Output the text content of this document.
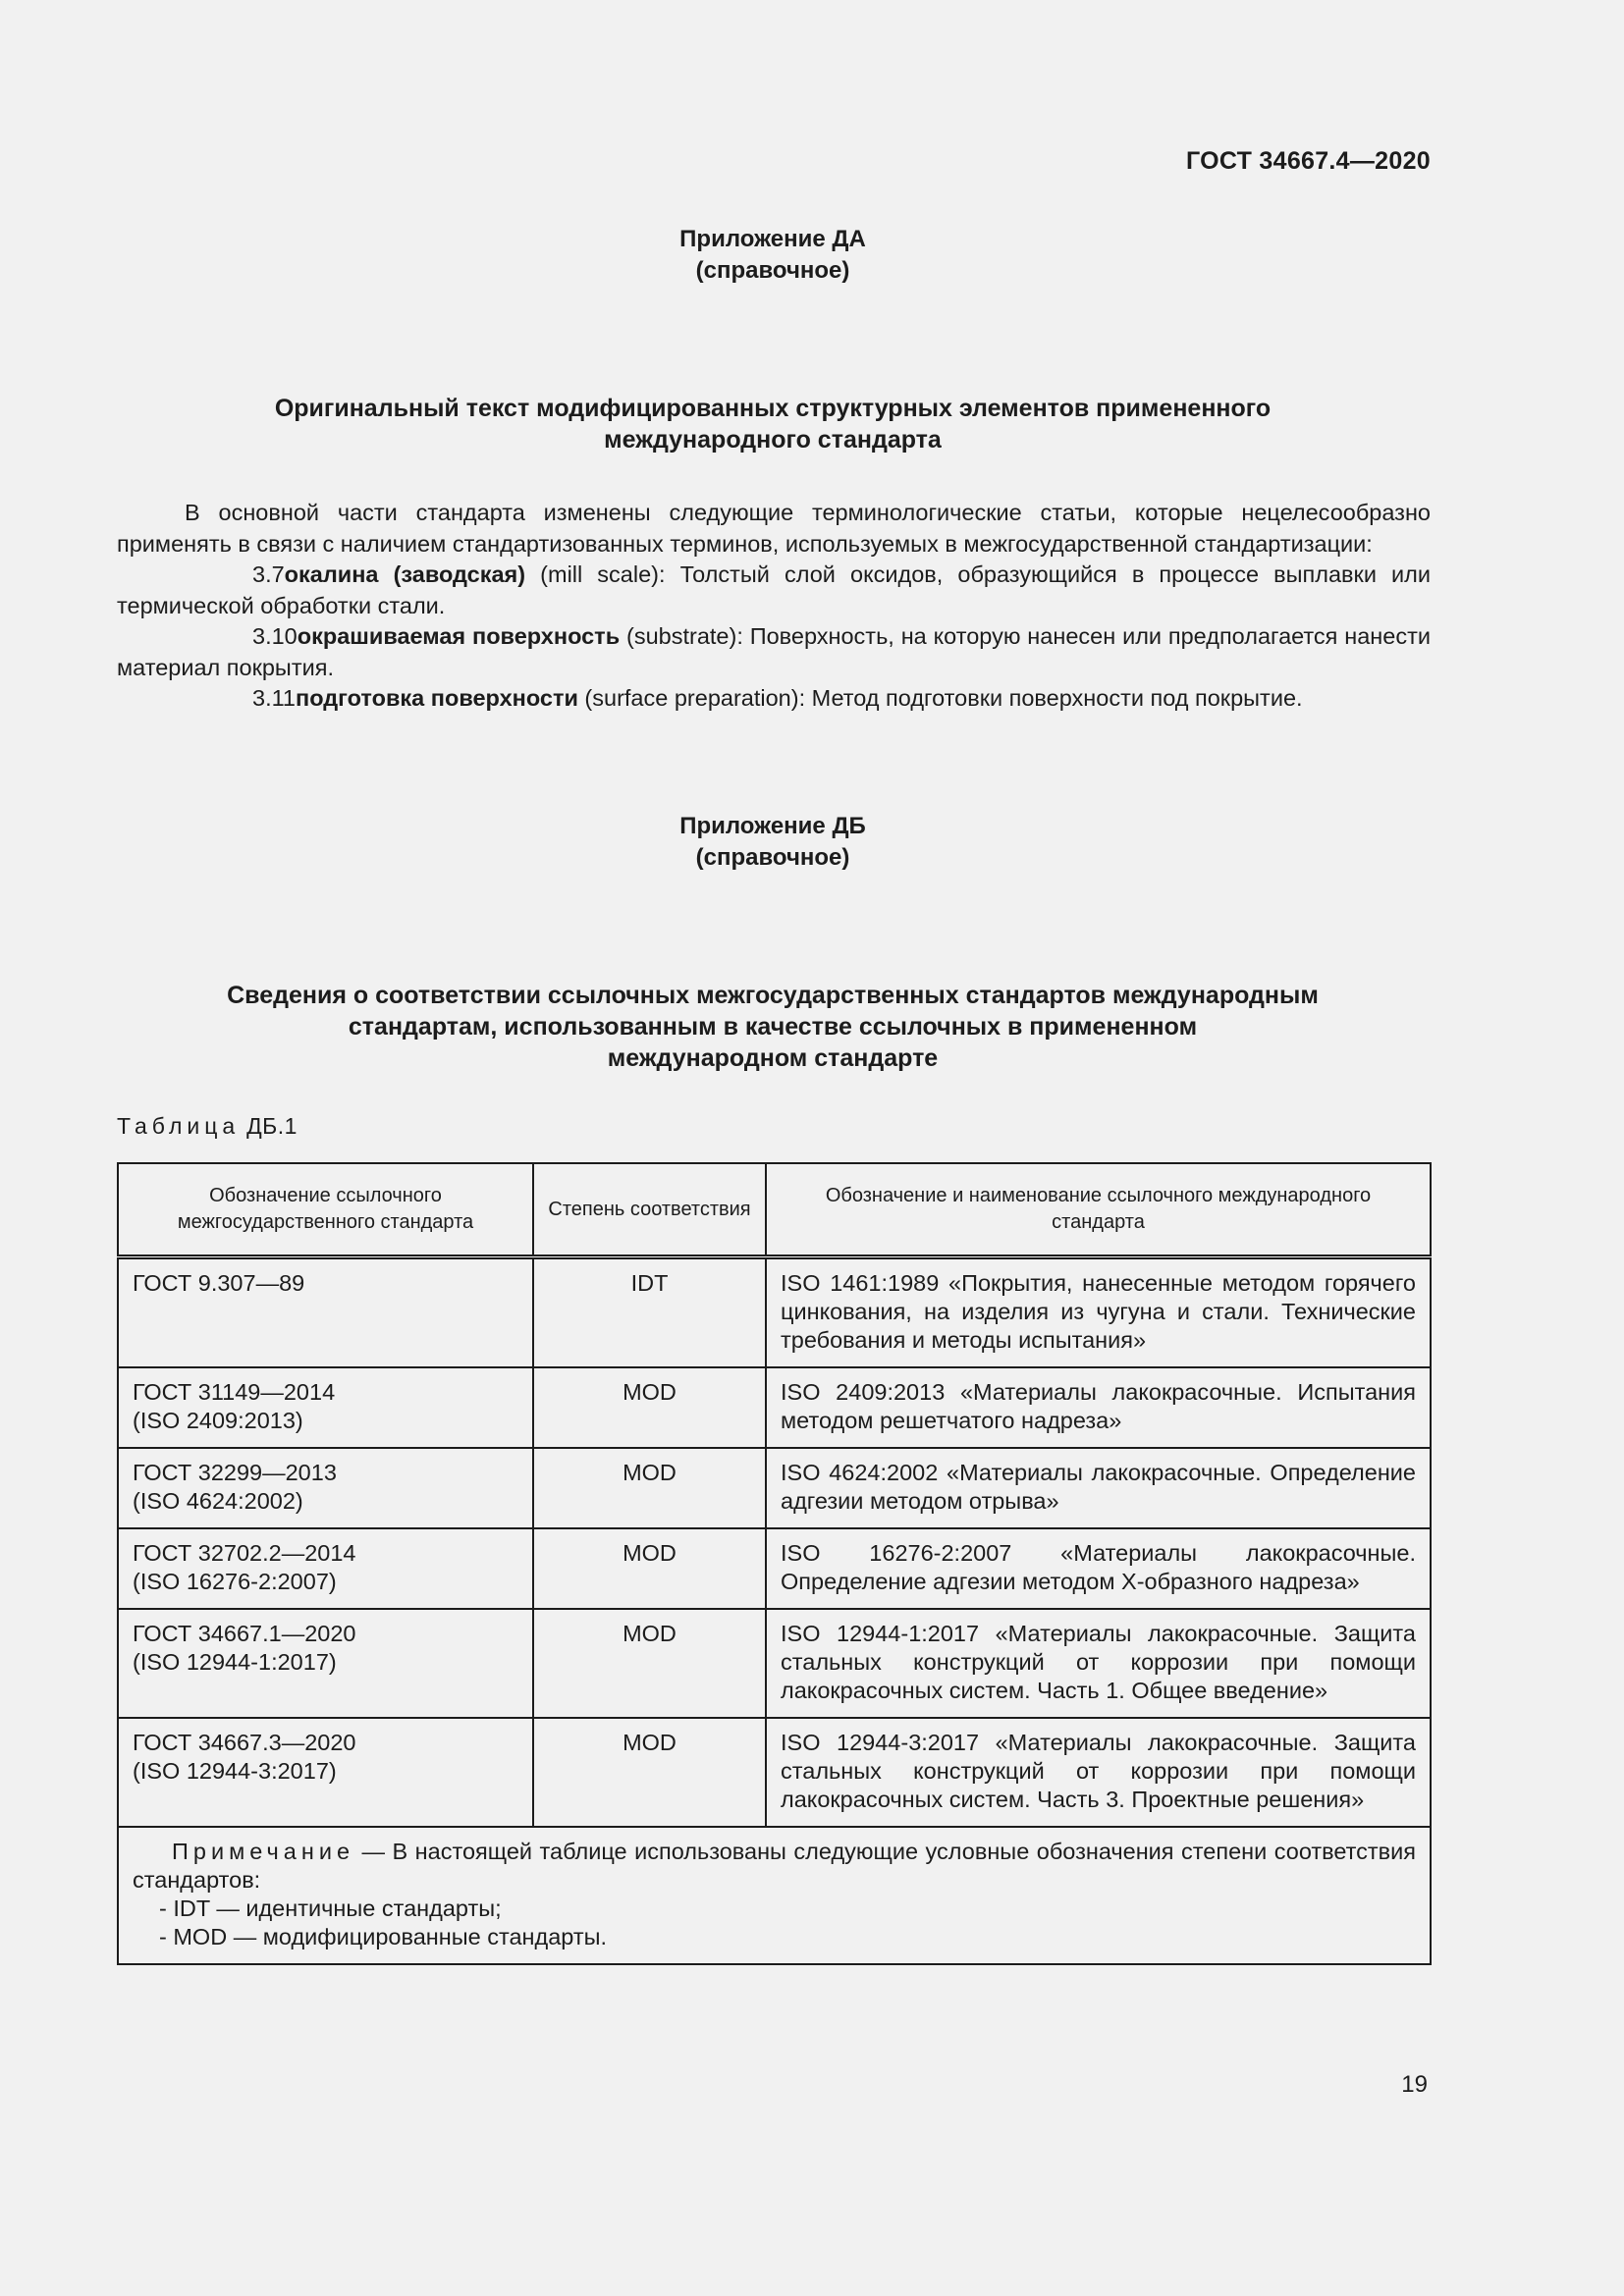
ГОСТ 34667.4—2020
Приложение ДА
(справочное)
Оригинальный текст модифицированных структурных элементов примененного
международного стандарта

В основной части стандарта изменены следующие терминологические статьи, которые нецелесообразно применять в связи с наличием стандартизованных терминов, используемых в межгосударственной стандартизации:

3.7окалина (заводская) (mill scale): Толстый слой оксидов, образующийся в процессе выплавки или термической обработки стали.

3.10окрашиваемая поверхность (substrate): Поверхность, на которую нанесен или предполагается нанести материал покрытия.

3.11подготовка поверхности (surface preparation): Метод подготовки поверхности под покрытие.

Приложение ДБ
(справочное)
Сведения о соответствии ссылочных межгосударственных стандартов международным
стандартам, использованным в качестве ссылочных в примененном
международном стандарте
Таблица ДБ.1
Обозначение ссылочного межгосударственного стандарта	Степень соответствия	Обозначение и наименование ссылочного международного стандарта

ГОСТ 9.307—89	IDT	ISO 1461:1989 «Покрытия, нанесенные методом горячего цинкования, на изделия из чугуна и стали. Технические требования и методы испытания»

ГОСТ 31149—2014
(ISO 2409:2013)	MOD	ISO 2409:2013 «Материалы лакокрасочные. Испытания методом решетчатого надреза»

ГОСТ 32299—2013
(ISO 4624:2002)	MOD	ISO 4624:2002 «Материалы лакокрасочные. Определение адгезии методом отрыва»

ГОСТ 32702.2—2014
(ISO 16276-2:2007)	MOD	ISO 16276-2:2007 «Материалы лакокрасочные. Определение адгезии методом Х-образного надреза»

ГОСТ 34667.1—2020
(ISO 12944-1:2017)	MOD	ISO 12944-1:2017 «Материалы лакокрасочные. Защита стальных конструкций от коррозии при помощи лакокрасочных систем. Часть 1. Общее введение»

ГОСТ 34667.3—2020
(ISO 12944-3:2017)	MOD	ISO 12944-3:2017 «Материалы лакокрасочные. Защита стальных конструкций от коррозии при помощи лакокрасочных систем. Часть 3. Проектные решения»

Примечание — В настоящей таблице использованы следующие условные обозначения степени соответствия стандартов:
- IDT — идентичные стандарты;
- MOD — модифицированные стандарты.		
19
